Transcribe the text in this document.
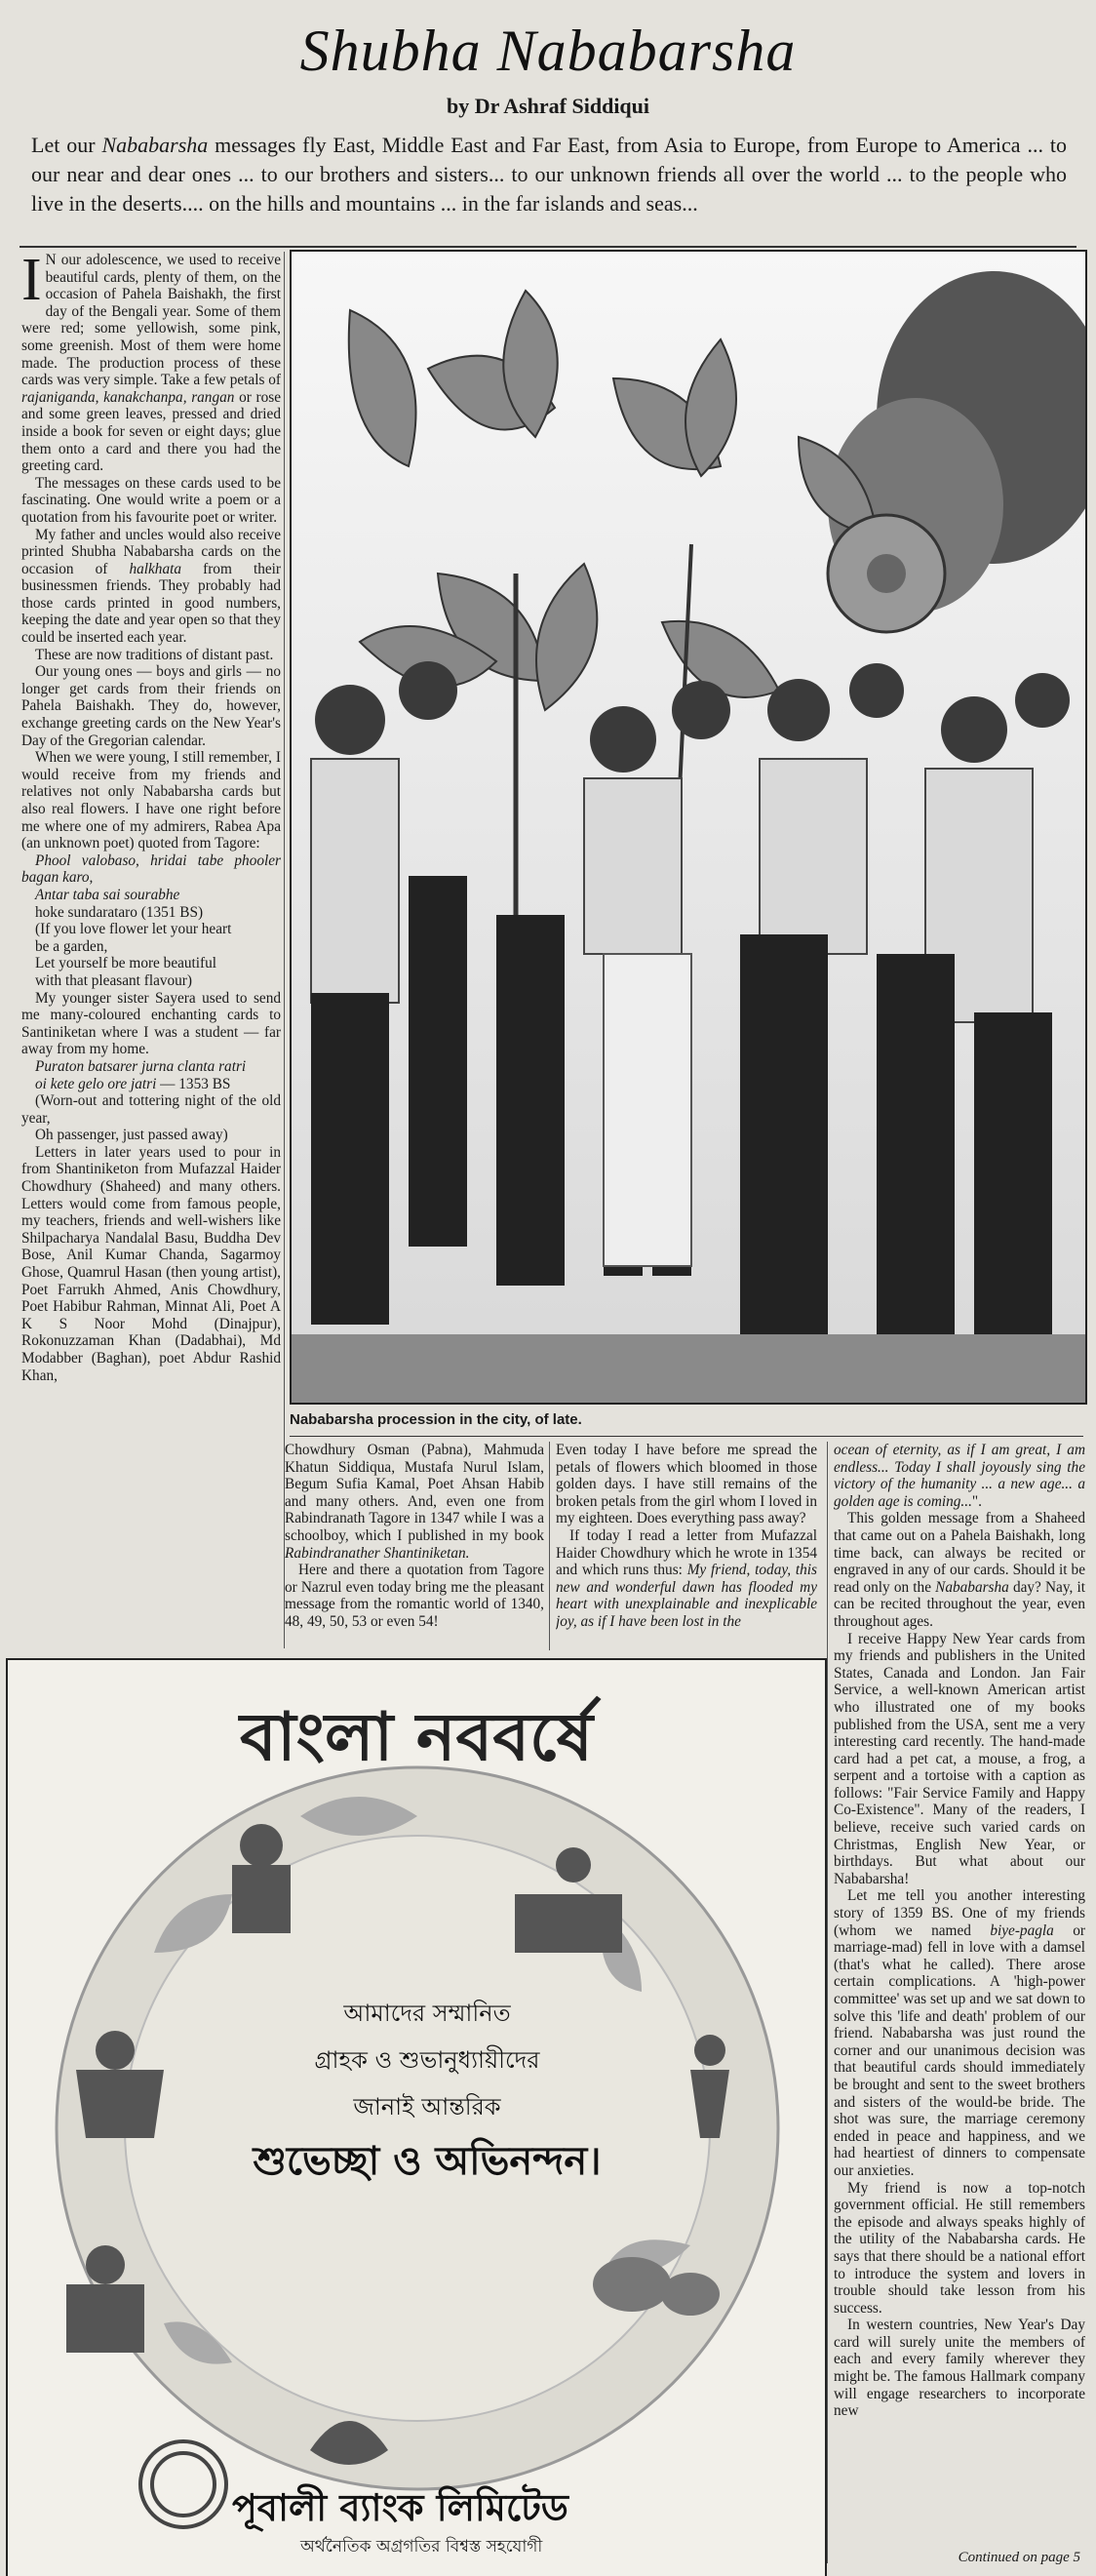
Shubha Nababarsha
by Dr Ashraf Siddiqui
Let our Nababarsha messages fly East, Middle East and Far East, from Asia to Europe, from Europe to America ... to our near and dear ones ... to our brothers and sisters... to our unknown friends all over the world ... to the people who live in the deserts.... on the hills and mountains ... in the far islands and seas...

I N our adolescence, we used to receive beautiful cards, plenty of them, on the occasion of Pahela Baishakh, the first day of the Bengali year. Some of them were red; some yellowish, some pink, some greenish. Most of them were home made. The production process of these cards was very simple. Take a few petals of rajaniganda, kanakchanpa, rangan or rose and some green leaves, pressed and dried inside a book for seven or eight days; glue them onto a card and there you had the greeting card.

The messages on these cards used to be fascinating. One would write a poem or a quotation from his favourite poet or writer.

My father and uncles would also receive printed Shubha Nababarsha cards on the occasion of halkhata from their businessmen friends. They probably had those cards printed in good numbers, keeping the date and year open so that they could be inserted each year.

These are now traditions of distant past.

Our young ones — boys and girls — no longer get cards from their friends on Pahela Baishakh. They do, however, exchange greeting cards on the New Year's Day of the Gregorian calendar.

When we were young, I still remember, I would receive from my friends and relatives not only Nababarsha cards but also real flowers. I have one right before me where one of my admirers, Rabea Apa (an unknown poet) quoted from Tagore:

Phool valobaso, hridai tabe phooler bagan karo,

Antar taba sai sourabhe

hoke sundarataro (1351 BS)

(If you love flower let your heart

be a garden,

Let yourself be more beautiful

with that pleasant flavour)

My younger sister Sayera used to send me many-coloured enchanting cards to Santiniketan where I was a student — far away from my home.

Puraton batsarer jurna clanta ratri

oi kete gelo ore jatri — 1353 BS

(Worn-out and tottering night of the old year,

Oh passenger, just passed away)

Letters in later years used to pour in from Shantiniketon from Mufazzal Haider Chowdhury (Shaheed) and many others. Letters would come from famous people, my teachers, friends and well-wishers like Shilpacharya Nandalal Basu, Buddha Dev Bose, Anil Kumar Chanda, Sagarmoy Ghose, Quamrul Hasan (then young artist), Poet Farrukh Ahmed, Anis Chowdhury, Poet Habibur Rahman, Minnat Ali, Poet A K S Noor Mohd (Dinajpur), Rokonuzzaman Khan (Dadabhai), Md Modabber (Baghan), poet Abdur Rashid Khan,

Nababarsha procession in the city, of late.

Chowdhury Osman (Pabna), Mahmuda Khatun Siddiqua, Mustafa Nurul Islam, Begum Sufia Kamal, Poet Ahsan Habib and many others. And, even one from Rabindranath Tagore in 1347 while I was a schoolboy, which I published in my book Rabindranather Shantiniketan.

Here and there a quotation from Tagore or Nazrul even today bring me the pleasant message from the romantic world of 1340, 48, 49, 50, 53 or even 54!

Even today I have before me spread the petals of flowers which bloomed in those golden days. I have still remains of the broken petals from the girl whom I loved in my eighteen. Does everything pass away?

If today I read a letter from Mufazzal Haider Chowdhury which he wrote in 1354 and which runs thus: My friend, today, this new and wonderful dawn has flooded my heart with unexplainable and inexplicable joy, as if I have been lost in the

ocean of eternity, as if I am great, I am endless... Today I shall joyously sing the victory of the humanity ... a new age... a golden age is coming...".

This golden message from a Shaheed that came out on a Pahela Baishakh, long time back, can always be recited or engraved in any of our cards. Should it be read only on the Nababarsha day? Nay, it can be recited throughout the year, even throughout ages.

I receive Happy New Year cards from my friends and publishers in the United States, Canada and London. Jan Fair Service, a well-known American artist who illustrated one of my books published from the USA, sent me a very interesting card recently. The hand-made card had a pet cat, a mouse, a frog, a serpent and a tortoise with a caption as follows: "Fair Service Family and Happy Co-Existence". Many of the readers, I believe, receive such varied cards on Christmas, English New Year, or birthdays. But what about our Nababarsha!

Let me tell you another interesting story of 1359 BS. One of my friends (whom we named biye-pagla or marriage-mad) fell in love with a damsel (that's what he called). There arose certain complications. A 'high-power committee' was set up and we sat down to solve this 'life and death' problem of our friend. Nababarsha was just round the corner and our unanimous decision was that beautiful cards should immediately be brought and sent to the sweet brothers and sisters of the would-be bride. The shot was sure, the marriage ceremony ended in peace and happiness, and we had heartiest of dinners to compensate our anxieties.

My friend is now a top-notch government official. He still remembers the episode and always speaks highly of the utility of the Nababarsha cards. He says that there should be a national effort to introduce the system and lovers in trouble should take lesson from his success.

In western countries, New Year's Day card will surely unite the members of each and every family wherever they might be. The famous Hallmark company will engage researchers to incorporate new

Continued on page 5
বাংলা নববর্ষে
আমাদের সম্মানিত
গ্রাহক ও শুভানুধ্যায়ীদের
জানাই আন্তরিক
শুভেচ্ছা ও অভিনন্দন।
পূবালী ব্যাংক লিমিটেড
অর্থনৈতিক অগ্রগতির বিশ্বস্ত সহযোগী
